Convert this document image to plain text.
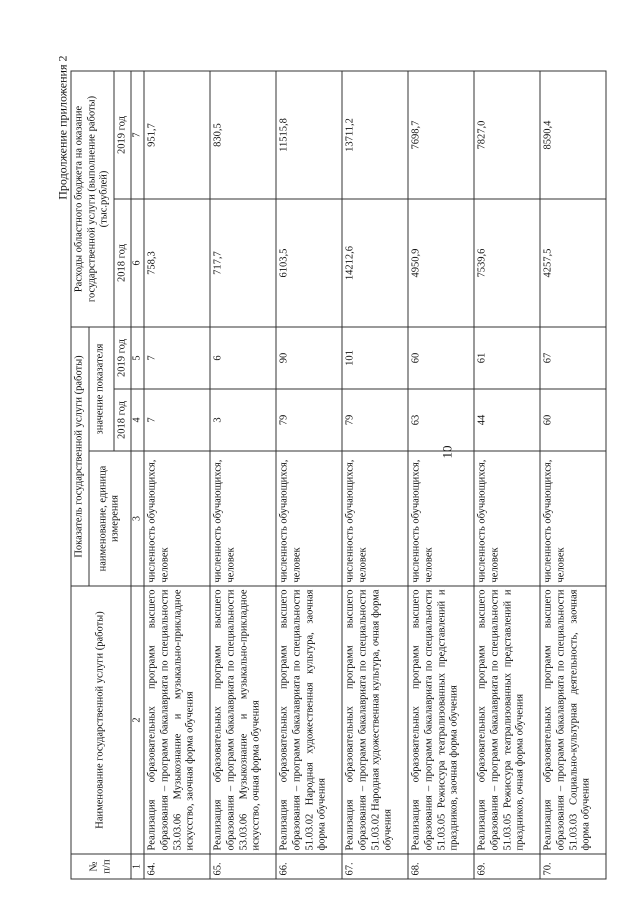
10
Продолжение приложения 2
№ п/п	Наименование государственной услуги (работы)	Показатель государственной услуги (работы)			Расходы областного бюджета на оказание государственной услуги (выполнение работы) (тыс.рублей)	
		наименование, единица измерения	значение показателя			
			2018 год	2019 год	2018 год	2019 год
1	2	3	4	5	6	7
64.	Реализация образовательных программ высшего образования – программ бакалавриата по специальности 53.03.06 Музыкознание и музыкально-прикладное искусство, заочная форма обучения	численность обучающихся, человек	7	7	758,3	951,7
65.	Реализация образовательных программ высшего образования – программ бакалавриата по специальности 53.03.06 Музыкознание и музыкально-прикладное искусство, очная форма обучения	численность обучающихся, человек	3	6	717,7	830,5
66.	Реализация образовательных программ высшего образования – программ бакалавриата по специальности 51.03.02 Народная художественная культура, заочная форма обучения	численность обучающихся, человек	79	90	6103,5	11515,8
67.	Реализация образовательных программ высшего образования – программ бакалавриата по специальности 51.03.02 Народная художественная культура, очная форма обучения	численность обучающихся, человек	79	101	14212,6	13711,2
68.	Реализация образовательных программ высшего образования – программ бакалавриата по специальности 51.03.05 Режиссура театрализованных представлений и праздников, заочная форма обучения	численность обучающихся, человек	63	60	4950,9	7698,7
69.	Реализация образовательных программ высшего образования – программ бакалавриата по специальности 51.03.05 Режиссура театрализованных представлений и праздников, очная форма обучения	численность обучающихся, человек	44	61	7539,6	7827,0
70.	Реализация образовательных программ высшего образования – программ бакалавриата по специальности 51.03.03 Социально-культурная деятельность, заочная форма обучения	численность обучающихся, человек	60	67	4257,5	8590,4
